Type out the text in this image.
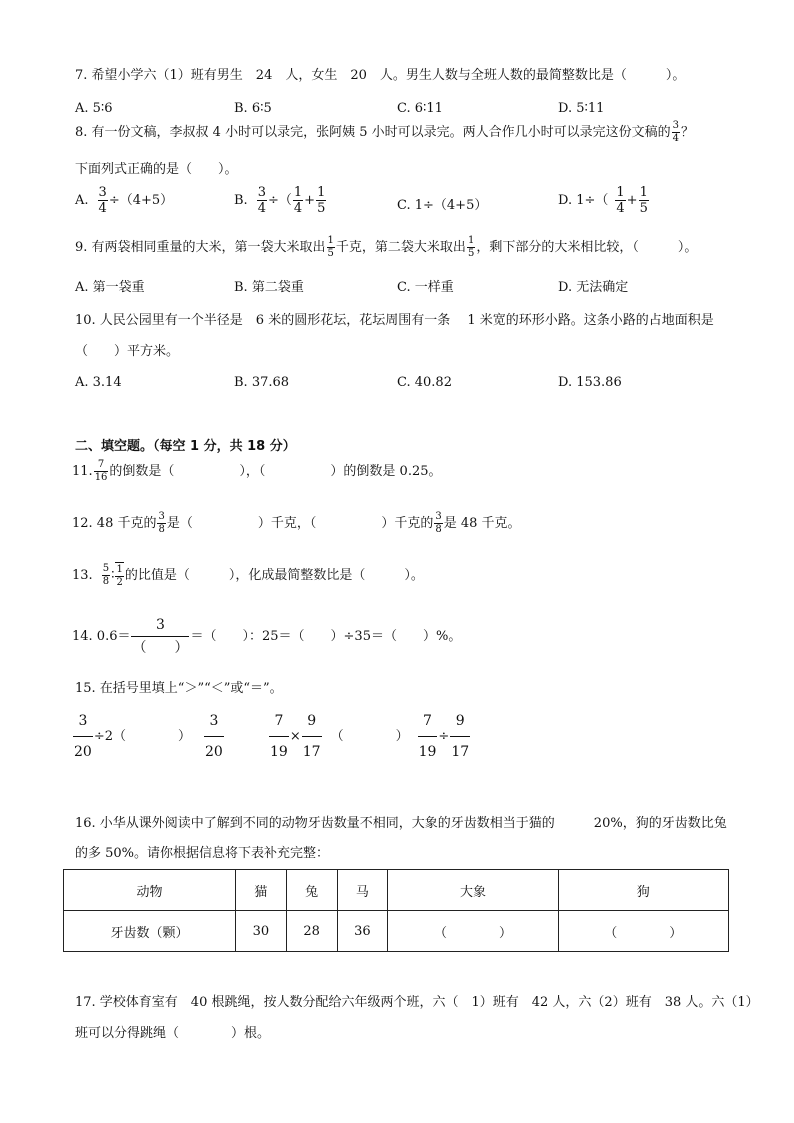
7. 希望小学六（1）班有男生　24　人，女生　20　人。男生人数与全班人数的最简整数比是（　　　）。
A. 5∶6	B. 6∶5	C. 6∶11	D. 5∶11
8. 有一份文稿，李叔叔 4 小时可以录完，张阿姨 5 小时可以录完。两人合作几小时可以录完这份文稿的 $\frac{3}{4}$ ？
下面列式正确的是（　　）。
A. $\frac{3}{4} \div(4+5)$	B. $\frac{3}{4}$ ÷（ $\frac{1}{4} + \frac{1}{5}$	C. 1÷（4+5）	D. $1\div( \frac{1}{4} + \frac{1}{5}$
9. 有两袋相同重量的大米，第一袋大米取出 $\frac{1}{5}$ 千克，第二袋大米取出 $\frac{1}{5}$ ，剩下部分的大米相比较，（　　　）。
A. 第一袋重	B. 第二袋重	C. 一样重	D. 无法确定
10. 人民公园里有一个半径是　6 米的圆形花坛，花坛周围有一条　 1 米宽的环形小路。这条小路的占地面积是
（　　）平方米。
A. 3.14	B. 37.68	C. 40.82	D. 153.86
二、填空题。（每空 1 分，共 18 分）
11. $\frac{7}{16}$ 的倒数是（　　　　　），（　　　　　）的倒数是 0.25。
12. 48 千克的 $\frac{3}{8}$ 是（　　　　　）千克，（　　　　　）千克的 $\frac{3}{8}$ 是 48 千克。
13. $\frac{5}{8}$ ∶ $\frac{1}{2}$ 的比值是（　　　），化成最简整数比是（　　　）。
14. $0.6= \frac{3}{( )}$ ＝（　　）：25＝（　　）÷35＝（　　）%。
15. 在括号里填上“＞”“＜”或“＝”。
$\frac{3}{20} \div 2$（　　　　） $\frac{3}{20}$	$\frac{7}{19} \times \frac{9}{17}$ （　　　　） $\frac{7}{19} \div \frac{9}{17}$
16. 小华从课外阅读中了解到不同的动物牙齿数量不相同，大象的牙齿数相当于猫的　　　20%，狗的牙齿数比兔
的多 50%。请你根据信息将下表补充完整：
动物	猫	兔	马	大象	狗
牙齿数（颗）	30	28	36	（　　　　）	（　　　　）
17. 学校体育室有　40 根跳绳，按人数分配给六年级两个班，六（　1）班有　42 人，六（2）班有　38 人。六（1）
班可以分得跳绳（　　　　）根。
